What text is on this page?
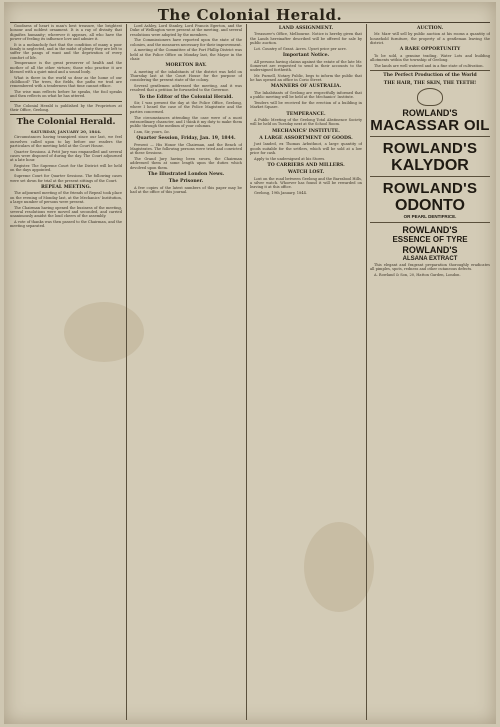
The Colonial Herald.

Goodness of heart is man's best treasure, the brightest honour and noblest ornament. It is a ray of divinity that dignifies humanity; wherever it appears, all who have the power of feeling its influence love and admire it.

It is a melancholy fact that the condition of many a poor family is neglected, and in the midst of plenty they are left to suffer the pangs of want and the deprivation of every comfort of life.

Temperance is the great preserver of health and the mother of all the other virtues; those who practise it are blessed with a quiet mind and a sound body.

What is there in the world so dear as the home of our childhood? The trees, the fields, the paths we trod are remembered with a tenderness that time cannot efface.

The wise man reflects before he speaks, the fool speaks and then reflects on what he has uttered.

The Colonial Herald is published by the Proprietors at their Office, Geelong.

The Colonial Herald.
SATURDAY, JANUARY 20, 1844.

Circumstances having transpired since our last, we feel ourselves called upon to lay before our readers the particulars of the meeting held at the Court House.

Quarter Sessions. A Petit Jury was empanelled and several cases were disposed of during the day. The Court adjourned at a late hour.

Register. The Supreme Court for the District will be held on the days appointed.

Supreme Court for Quarter Sessions. The following cases were set down for trial at the present sittings of the Court.

REPEAL MEETING.

The adjourned meeting of the friends of Repeal took place on the evening of Monday last, at the Mechanics' Institution, a large number of persons were present.

The Chairman having opened the business of the meeting, several resolutions were moved and seconded, and carried unanimously amidst the loud cheers of the assembly.

A vote of thanks was then passed to the Chairman, and the meeting separated.

Lord Ashley, Lord Stanley, Lord Francis Egerton, and the Duke of Wellington were present at the meeting, and several resolutions were adopted by the members.

The Commissioners have reported upon the state of the colonies, and the measures necessary for their improvement.

A meeting of the Committee of the Port Phillip District was held at the Police Office on Monday last, the Mayor in the chair.

MORETON BAY.

A meeting of the inhabitants of the district was held on Thursday last at the Court House for the purpose of considering the present state of the colony.

Several gentlemen addressed the meeting, and it was resolved that a petition be forwarded to the Governor.

To the Editor of the Colonial Herald.

Sir, I was present the day at the Police Office, Geelong, where I heard the case of the Police Magistrate and the parties concerned.

The circumstances attending the case were of a most extraordinary character, and I think it my duty to make them public through the medium of your columns.

I am, Sir, yours, &c.

Quarter Session, Friday, Jan. 19, 1844.

Present — His Honor the Chairman, and the Bench of Magistrates. The following persons were tried and convicted at these Sessions.

The Grand Jury having been sworn, the Chairman addressed them at some length upon the duties which devolved upon them.

The Illustrated London News.
The Prisoner.

A few copies of the latest numbers of this paper may be had at the office of this journal.

LAND ASSIGNMENT.

Treasurer's Office, Melbourne. Notice is hereby given that the Lands hereinafter described will be offered for sale by public auction.

Lot. Country of Grant. Acres. Upset price per acre.

Important Notice.

All persons having claims against the estate of the late Mr. Somerset are requested to send in their accounts to the undersigned forthwith.

Mr. Purnell, Notary Public, begs to inform the public that he has opened an office in Corio Street.

MANNERS OF AUSTRALIA.

The Inhabitants of Geelong are respectfully informed that a public meeting will be held at the Mechanics' Institute.

Tenders will be received for the erection of a building in Market Square.

TEMPERANCE.

A Public Meeting of the Geelong Total Abstinence Society will be held on Tuesday next at the School Room.

MECHANICS' INSTITUTE.
A LARGE ASSORTMENT OF GOODS.

Just landed, ex Thomas Arbuthnot, a large quantity of goods suitable for the settlers, which will be sold at a low price for cash.

Apply to the undersigned at his Stores.

TO CARRIERS AND MILLERS.
WATCH LOST.

Lost on the road between Geelong and the Barrabool Hills, a silver watch. Whoever has found it will be rewarded on leaving it at this office.

Geelong, 19th January, 1844.

AUCTION.

Mr. Marr will sell by public auction at his rooms a quantity of household furniture, the property of a gentleman leaving the district.

A RARE OPPORTUNITY

To be sold, a genuine trading, Water Lots and building allotments within the township of Geelong.

The lands are well watered and in a fine state of cultivation.

The Perfect Production of the World
THE HAIR, THE SKIN, THE TEETH!
ROWLAND'S
MACASSAR OIL
ROWLAND'S
KALYDOR
ROWLAND'S
ODONTO
OR PEARL DENTIFRICE.
ROWLAND'S
ESSENCE OF TYRE
ROWLAND'S
ALSANA EXTRACT

This elegant and fragrant preparation thoroughly eradicates all pimples, spots, redness and other cutaneous defects.

A. Rowland & Son, 20, Hatton Garden, London.
